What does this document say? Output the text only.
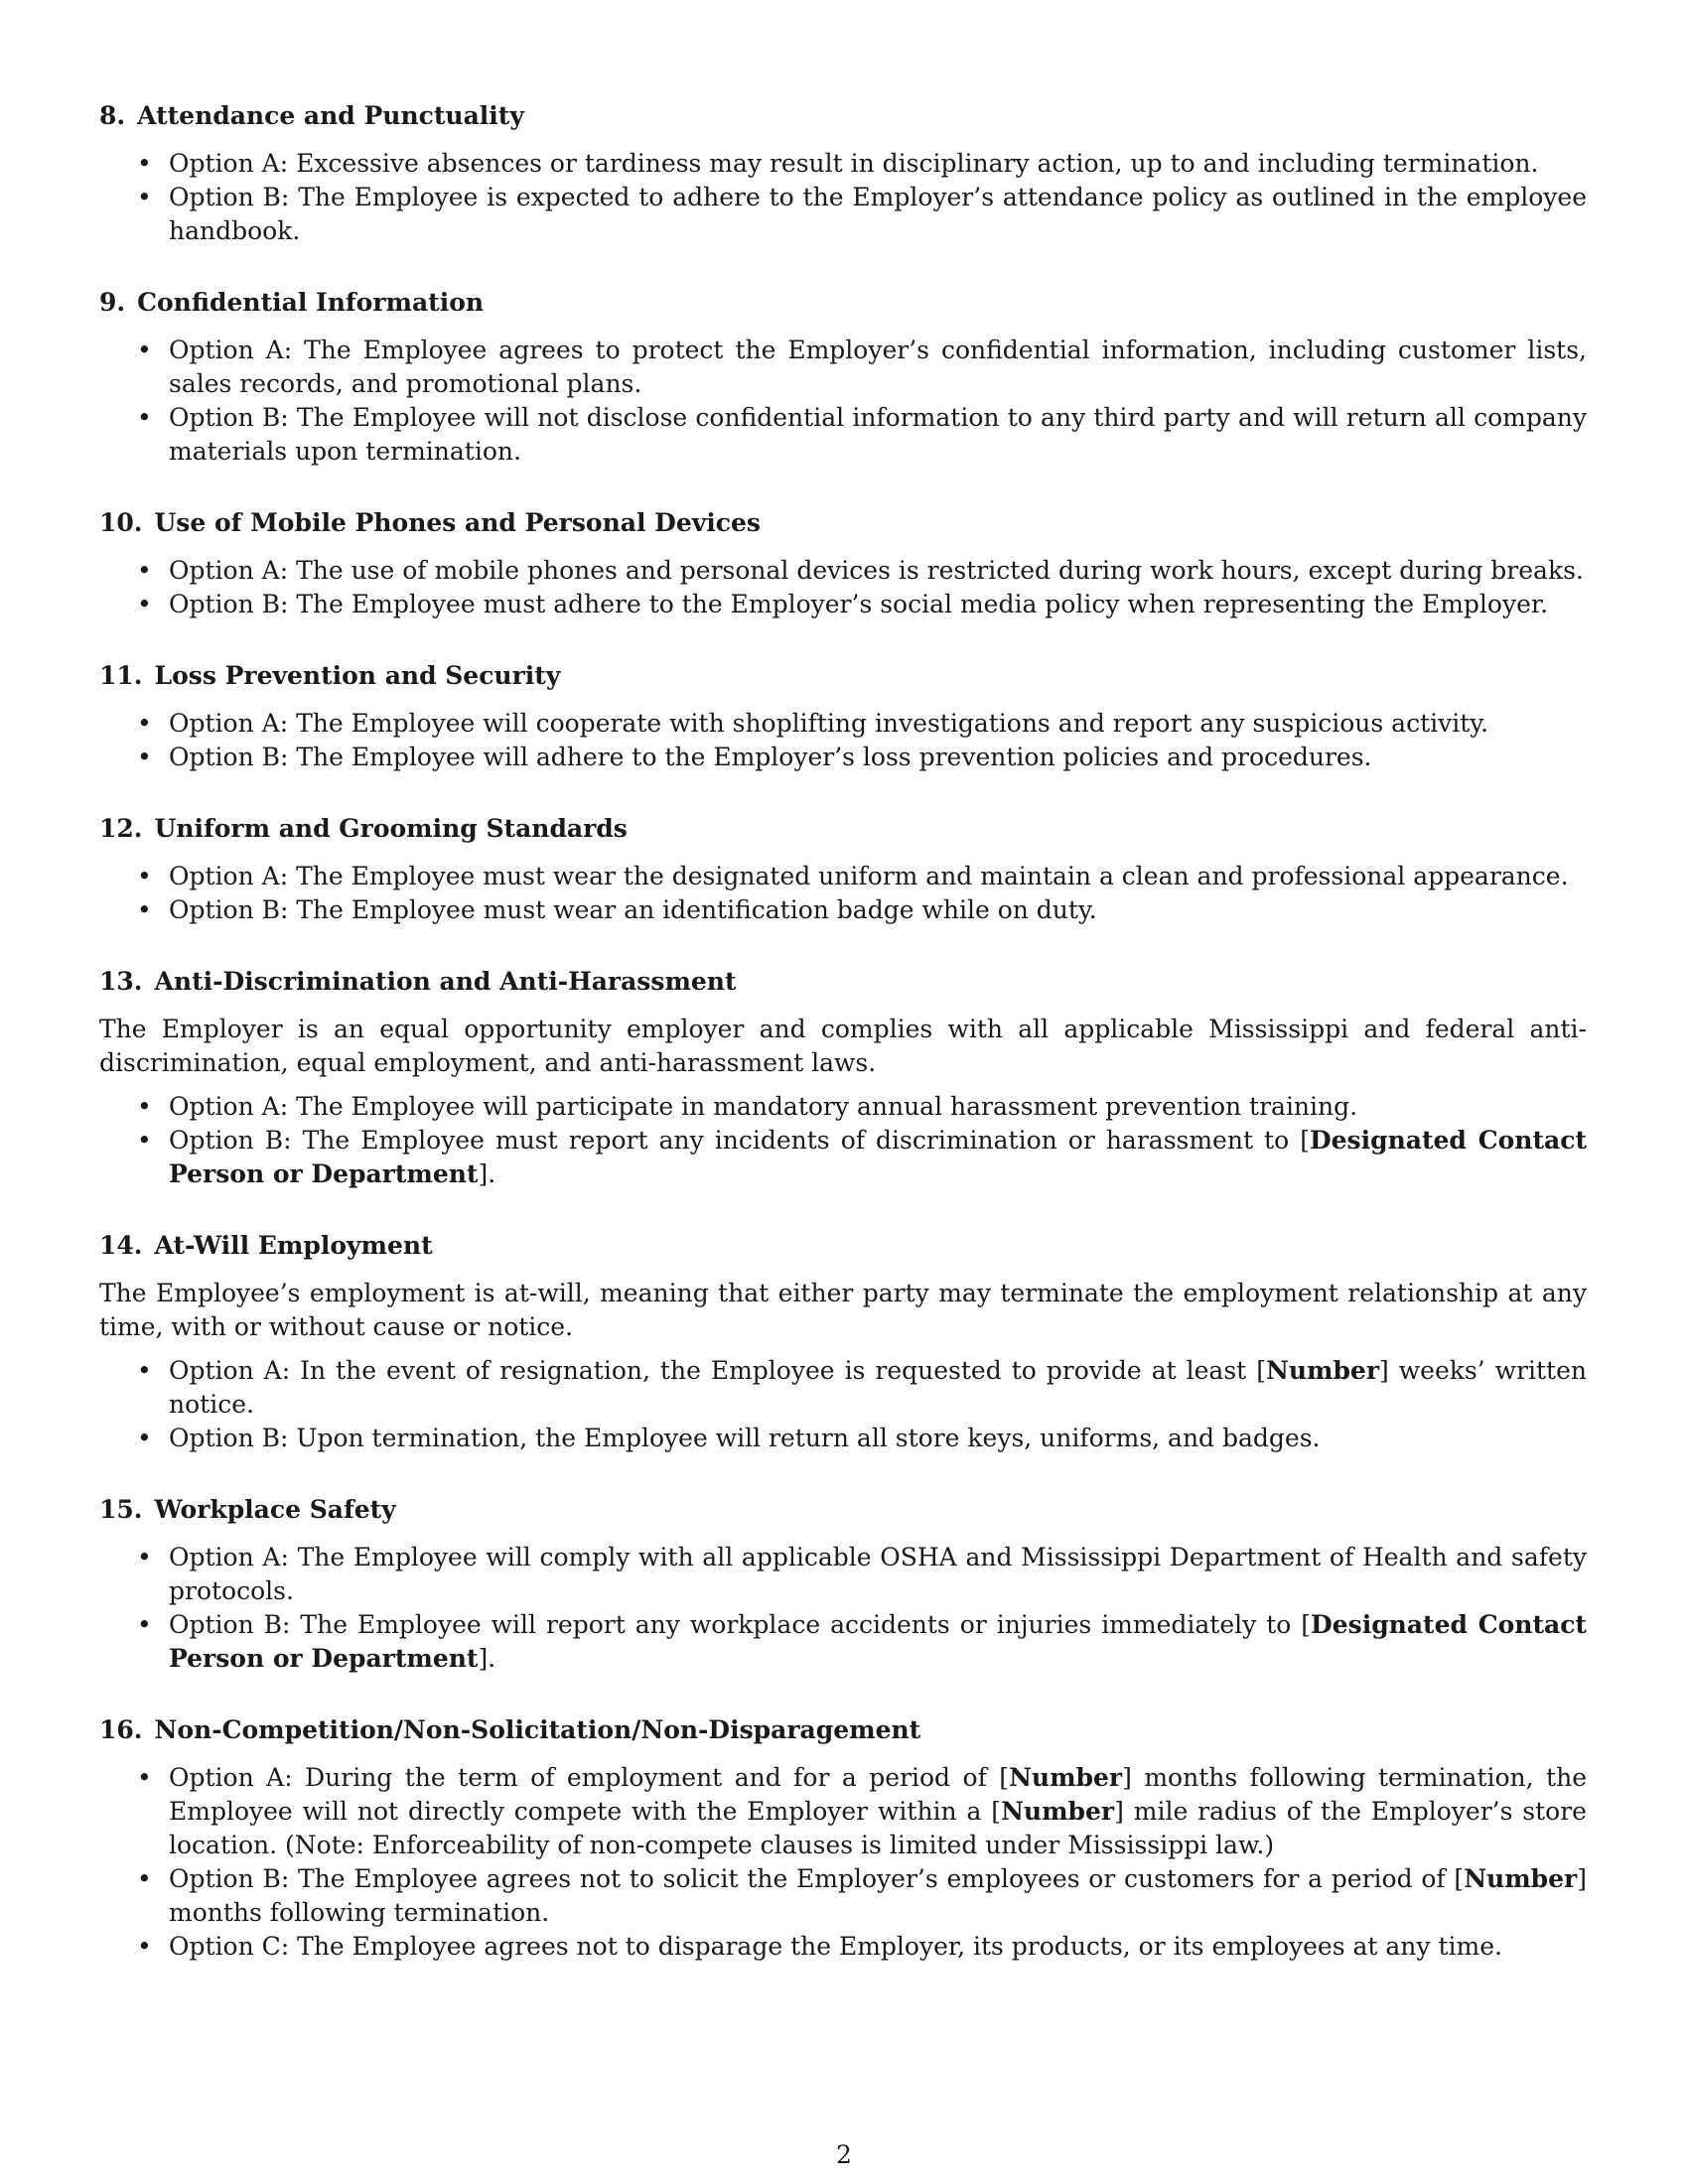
8. Attendance and Punctuality
• Option A: Excessive absences or tardiness may result in disciplinary action, up to and including termination.
• Option B: The Employee is expected to adhere to the Employer’s attendance policy as outlined in the employee handbook.
9. Confidential Information
• Option A: The Employee agrees to protect the Employer’s confidential information, including customer lists, sales records, and promotional plans.
• Option B: The Employee will not disclose confidential information to any third party and will return all company materials upon termination.
10. Use of Mobile Phones and Personal Devices
• Option A: The use of mobile phones and personal devices is restricted during work hours, except during breaks.
• Option B: The Employee must adhere to the Employer’s social media policy when representing the Employer.
11. Loss Prevention and Security
• Option A: The Employee will cooperate with shoplifting investigations and report any suspicious activity.
• Option B: The Employee will adhere to the Employer’s loss prevention policies and procedures.
12. Uniform and Grooming Standards
• Option A: The Employee must wear the designated uniform and maintain a clean and professional appearance.
• Option B: The Employee must wear an identification badge while on duty.
13. Anti-Discrimination and Anti-Harassment

The Employer is an equal opportunity employer and complies with all applicable Mississippi and federal anti-discrimination, equal employment, and anti-harassment laws.

• Option A: The Employee will participate in mandatory annual harassment prevention training.
• Option B: The Employee must report any incidents of discrimination or harassment to [Designated Contact Person or Department].
14. At-Will Employment

The Employee’s employment is at-will, meaning that either party may terminate the employment relationship at any time, with or without cause or notice.

• Option A: In the event of resignation, the Employee is requested to provide at least [Number] weeks’ written notice.
• Option B: Upon termination, the Employee will return all store keys, uniforms, and badges.
15. Workplace Safety
• Option A: The Employee will comply with all applicable OSHA and Mississippi Department of Health and safety protocols.
• Option B: The Employee will report any workplace accidents or injuries immediately to [Designated Contact Person or Department].
16. Non-Competition/Non-Solicitation/Non-Disparagement
• Option A: During the term of employment and for a period of [Number] months following termination, the Employee will not directly compete with the Employer within a [Number] mile radius of the Employer’s store location. (Note: Enforceability of non-compete clauses is limited under Mississippi law.)
• Option B: The Employee agrees not to solicit the Employer’s employees or customers for a period of [Number] months following termination.
• Option C: The Employee agrees not to disparage the Employer, its products, or its employees at any time.
2
